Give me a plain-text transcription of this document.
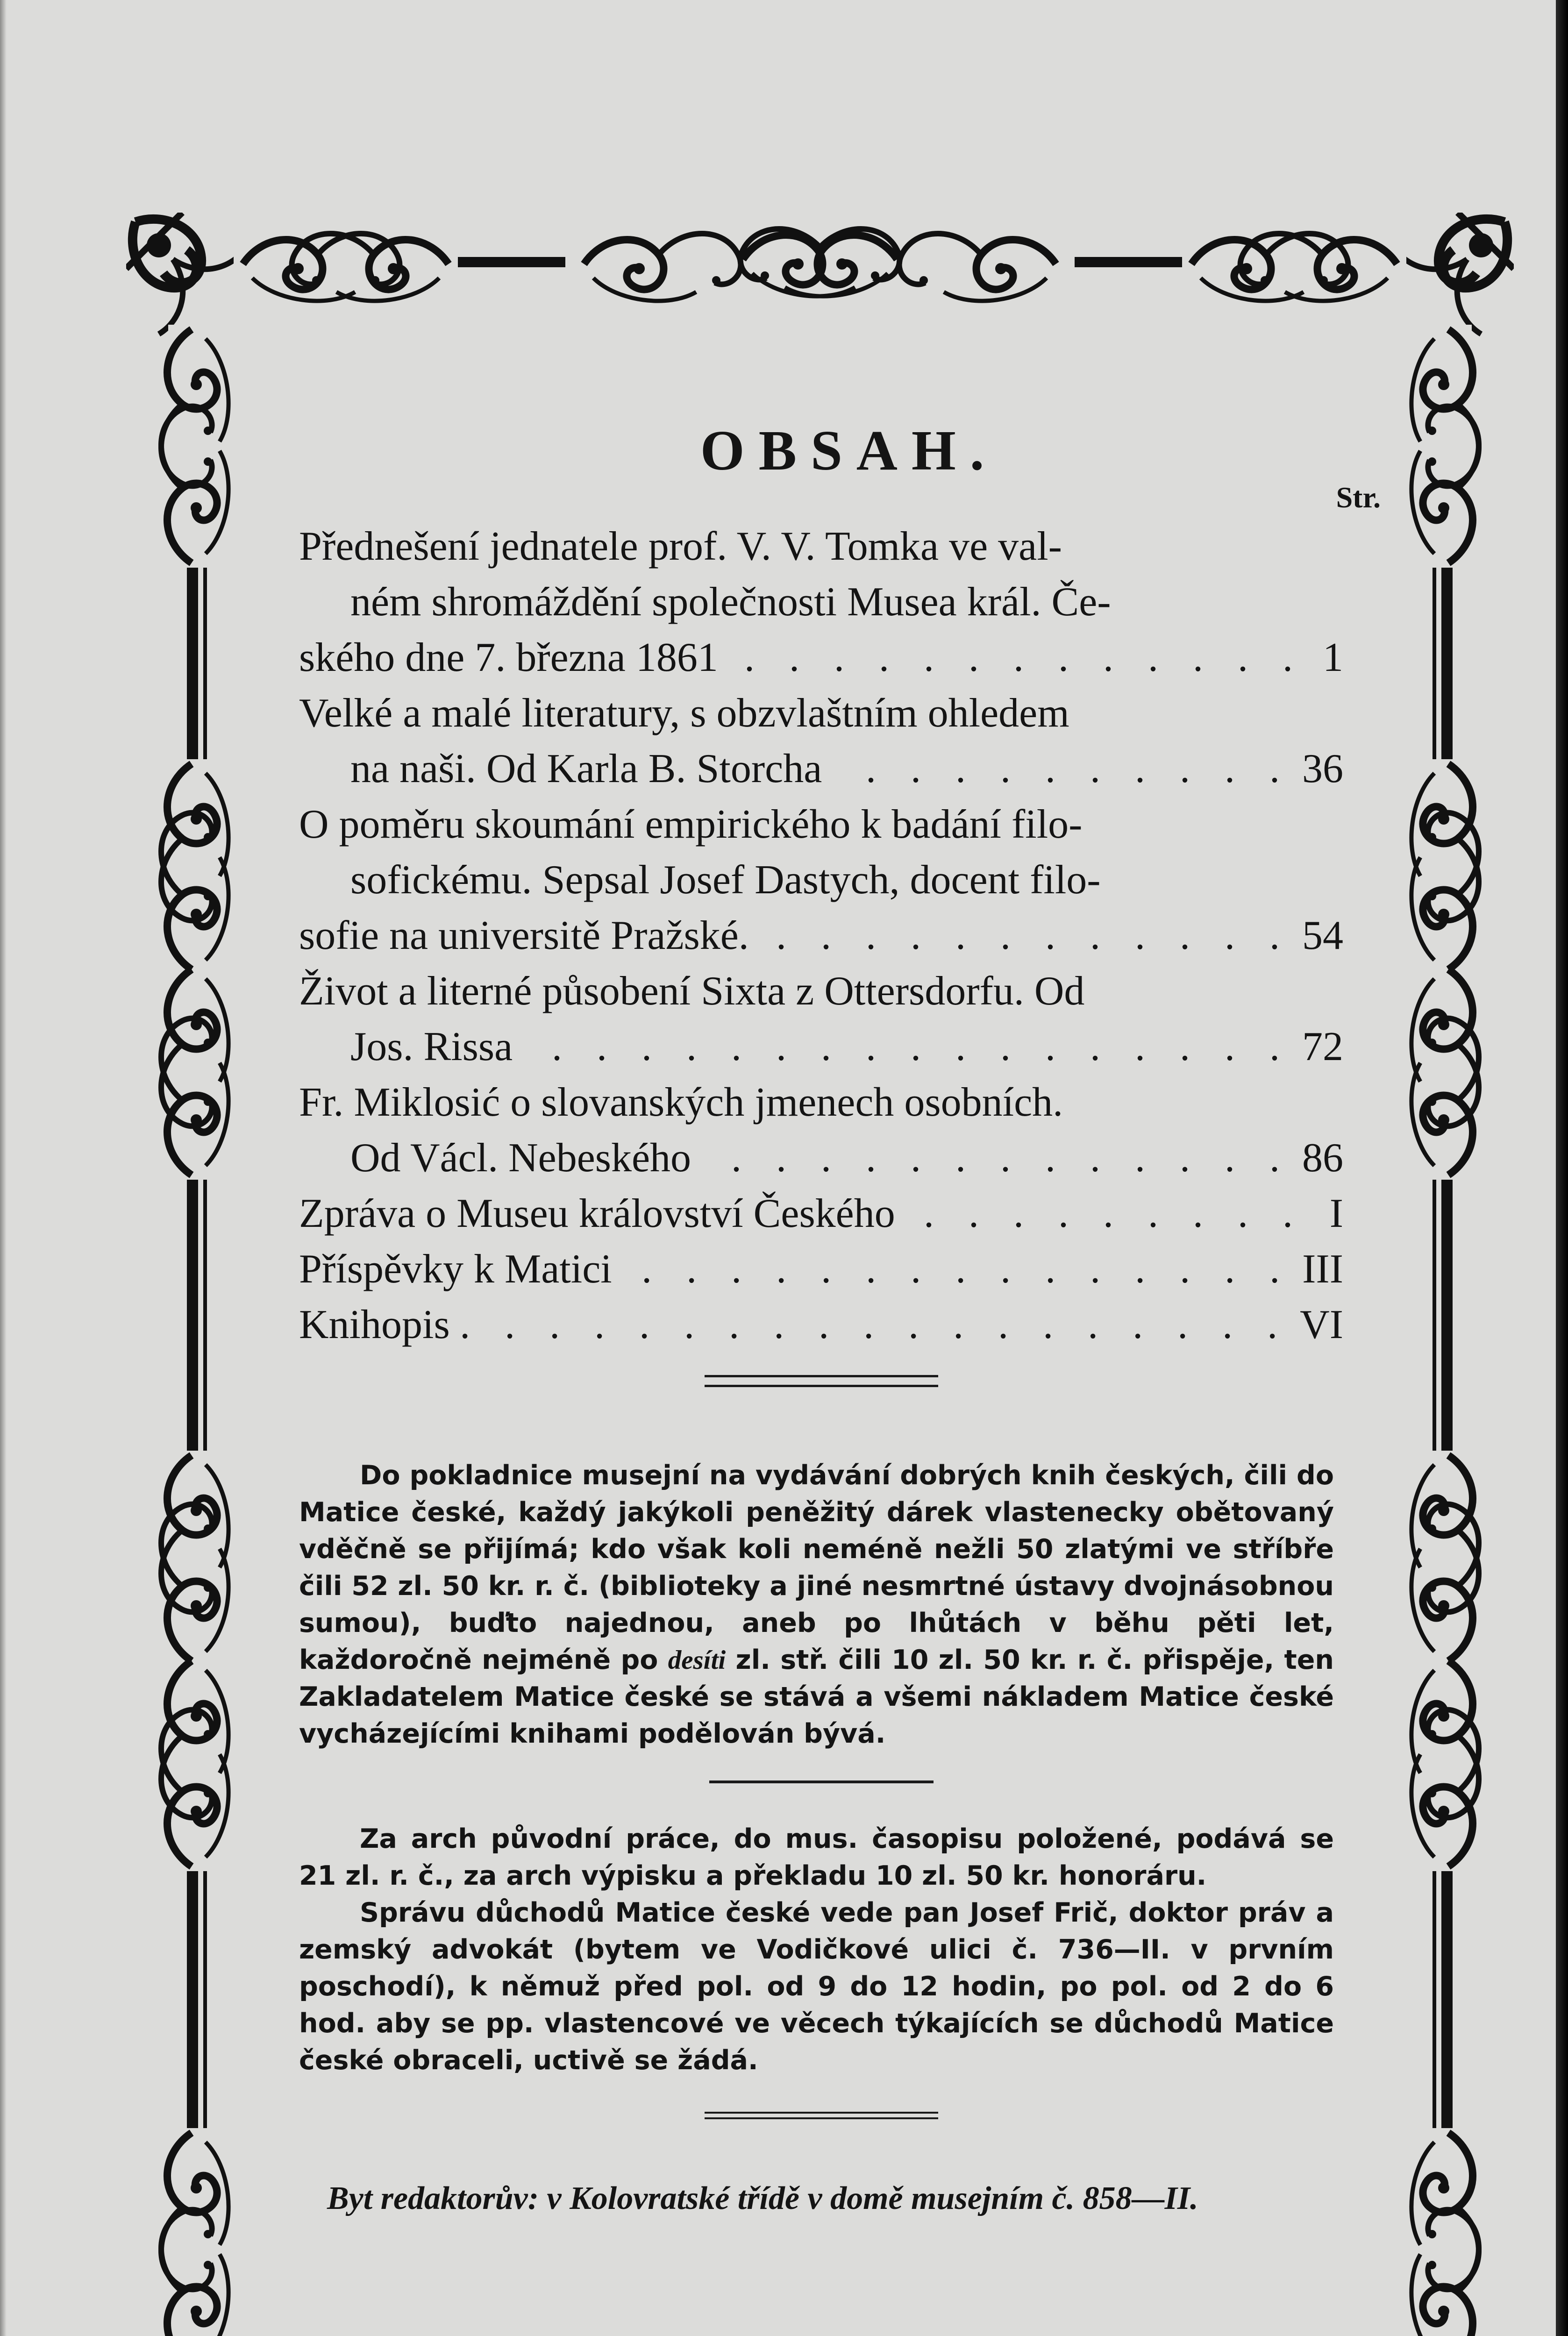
OBSAH.
Str.
Přednešení jednatele prof. V. V. Tomka ve val-
ném shromáždění společnosti Musea král. Če-
ského dne 7. března 1861 . . .	1
Velké a malé literatury, s obzvlaštním ohledem
na naši. Od Karla B. Storcha . . .	36
O poměru skoumání empirického k badání filo-
sofickému. Sepsal Josef Dastych, docent filo-
sofie na universitě Pražské. . . .	54
Život a literné působení Sixta z Ottersdorfu. Od
Jos. Rissa . . .	72
Fr. Miklosić o slovanských jmenech osobních.
Od Václ. Nebeského . . .	86
Zpráva o Museu království Českého . . .	I
Příspěvky k Matici . . .	III
Knihopis . . .	VI

Do pokladnice musejní na vydávání dobrých knih českých, čili do Matice české, každý jakýkoli peněžitý dárek vlastenecky obětovaný vděčně se přijímá; kdo však koli neméně nežli 50 zlatými ve stříbře čili 52 zl. 50 kr. r. č. (biblioteky a jiné nesmrtné ústavy dvojnásobnou sumou), buďto najednou, aneb po lhůtách v běhu pěti let, každoročně nejméně po desíti zl. stř. čili 10 zl. 50 kr. r. č. přispěje, ten Zakladatelem Matice české se stává a všemi nákladem Matice české vycházejícími knihami podělován bývá.

Za arch původní práce, do mus. časopisu položené, podává se 21 zl. r. č., za arch výpisku a překladu 10 zl. 50 kr. honoráru.

Správu důchodů Matice české vede pan Josef Frič, doktor práv a zemský advokát (bytem ve Vodičkové ulici č. 736—II. v prvním poschodí), k němuž před pol. od 9 do 12 hodin, po pol. od 2 do 6 hod. aby se pp. vlastencové ve věcech týkajících se důchodů Matice české obraceli, uctivě se žádá.

Byt redaktorův: v Kolovratské třídě v domě musejním č. 858—II.
